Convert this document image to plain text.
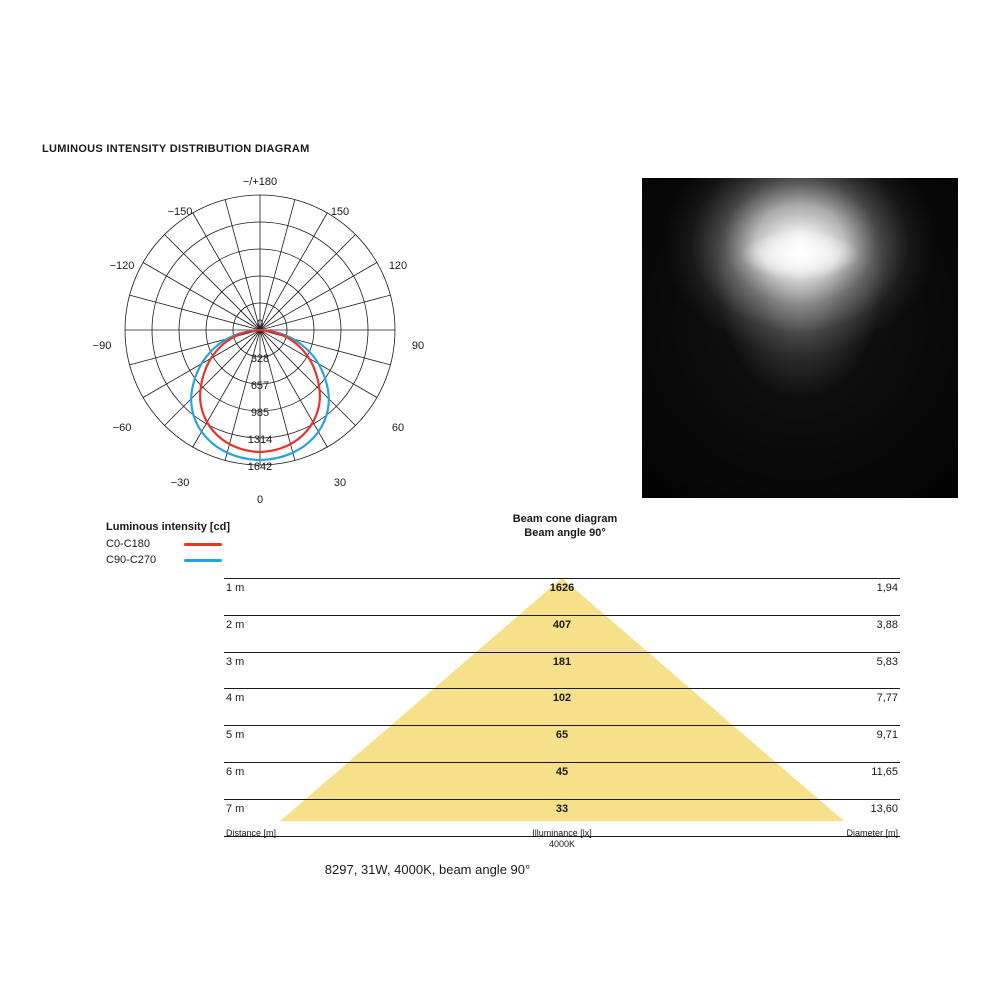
LUMINOUS INTENSITY DISTRIBUTION DIAGRAM
−/+180
−150	150
−120	120
−90	90
−60	60
−30	30
0
0
328
657
985
1314
1642
Luminous intensity [cd]
C0-C180
C90-C270
Beam cone diagram
Beam angle 90°
1 m	1626	1,94
2 m	407	3,88
3 m	181	5,83
4 m	102	7,77
5 m	65	9,71
6 m	45	11,65
7 m	33	13,60
Distance [m]	Illuminance [lx]
4000K
Diameter [m]
8297, 31W, 4000K, beam angle 90°
